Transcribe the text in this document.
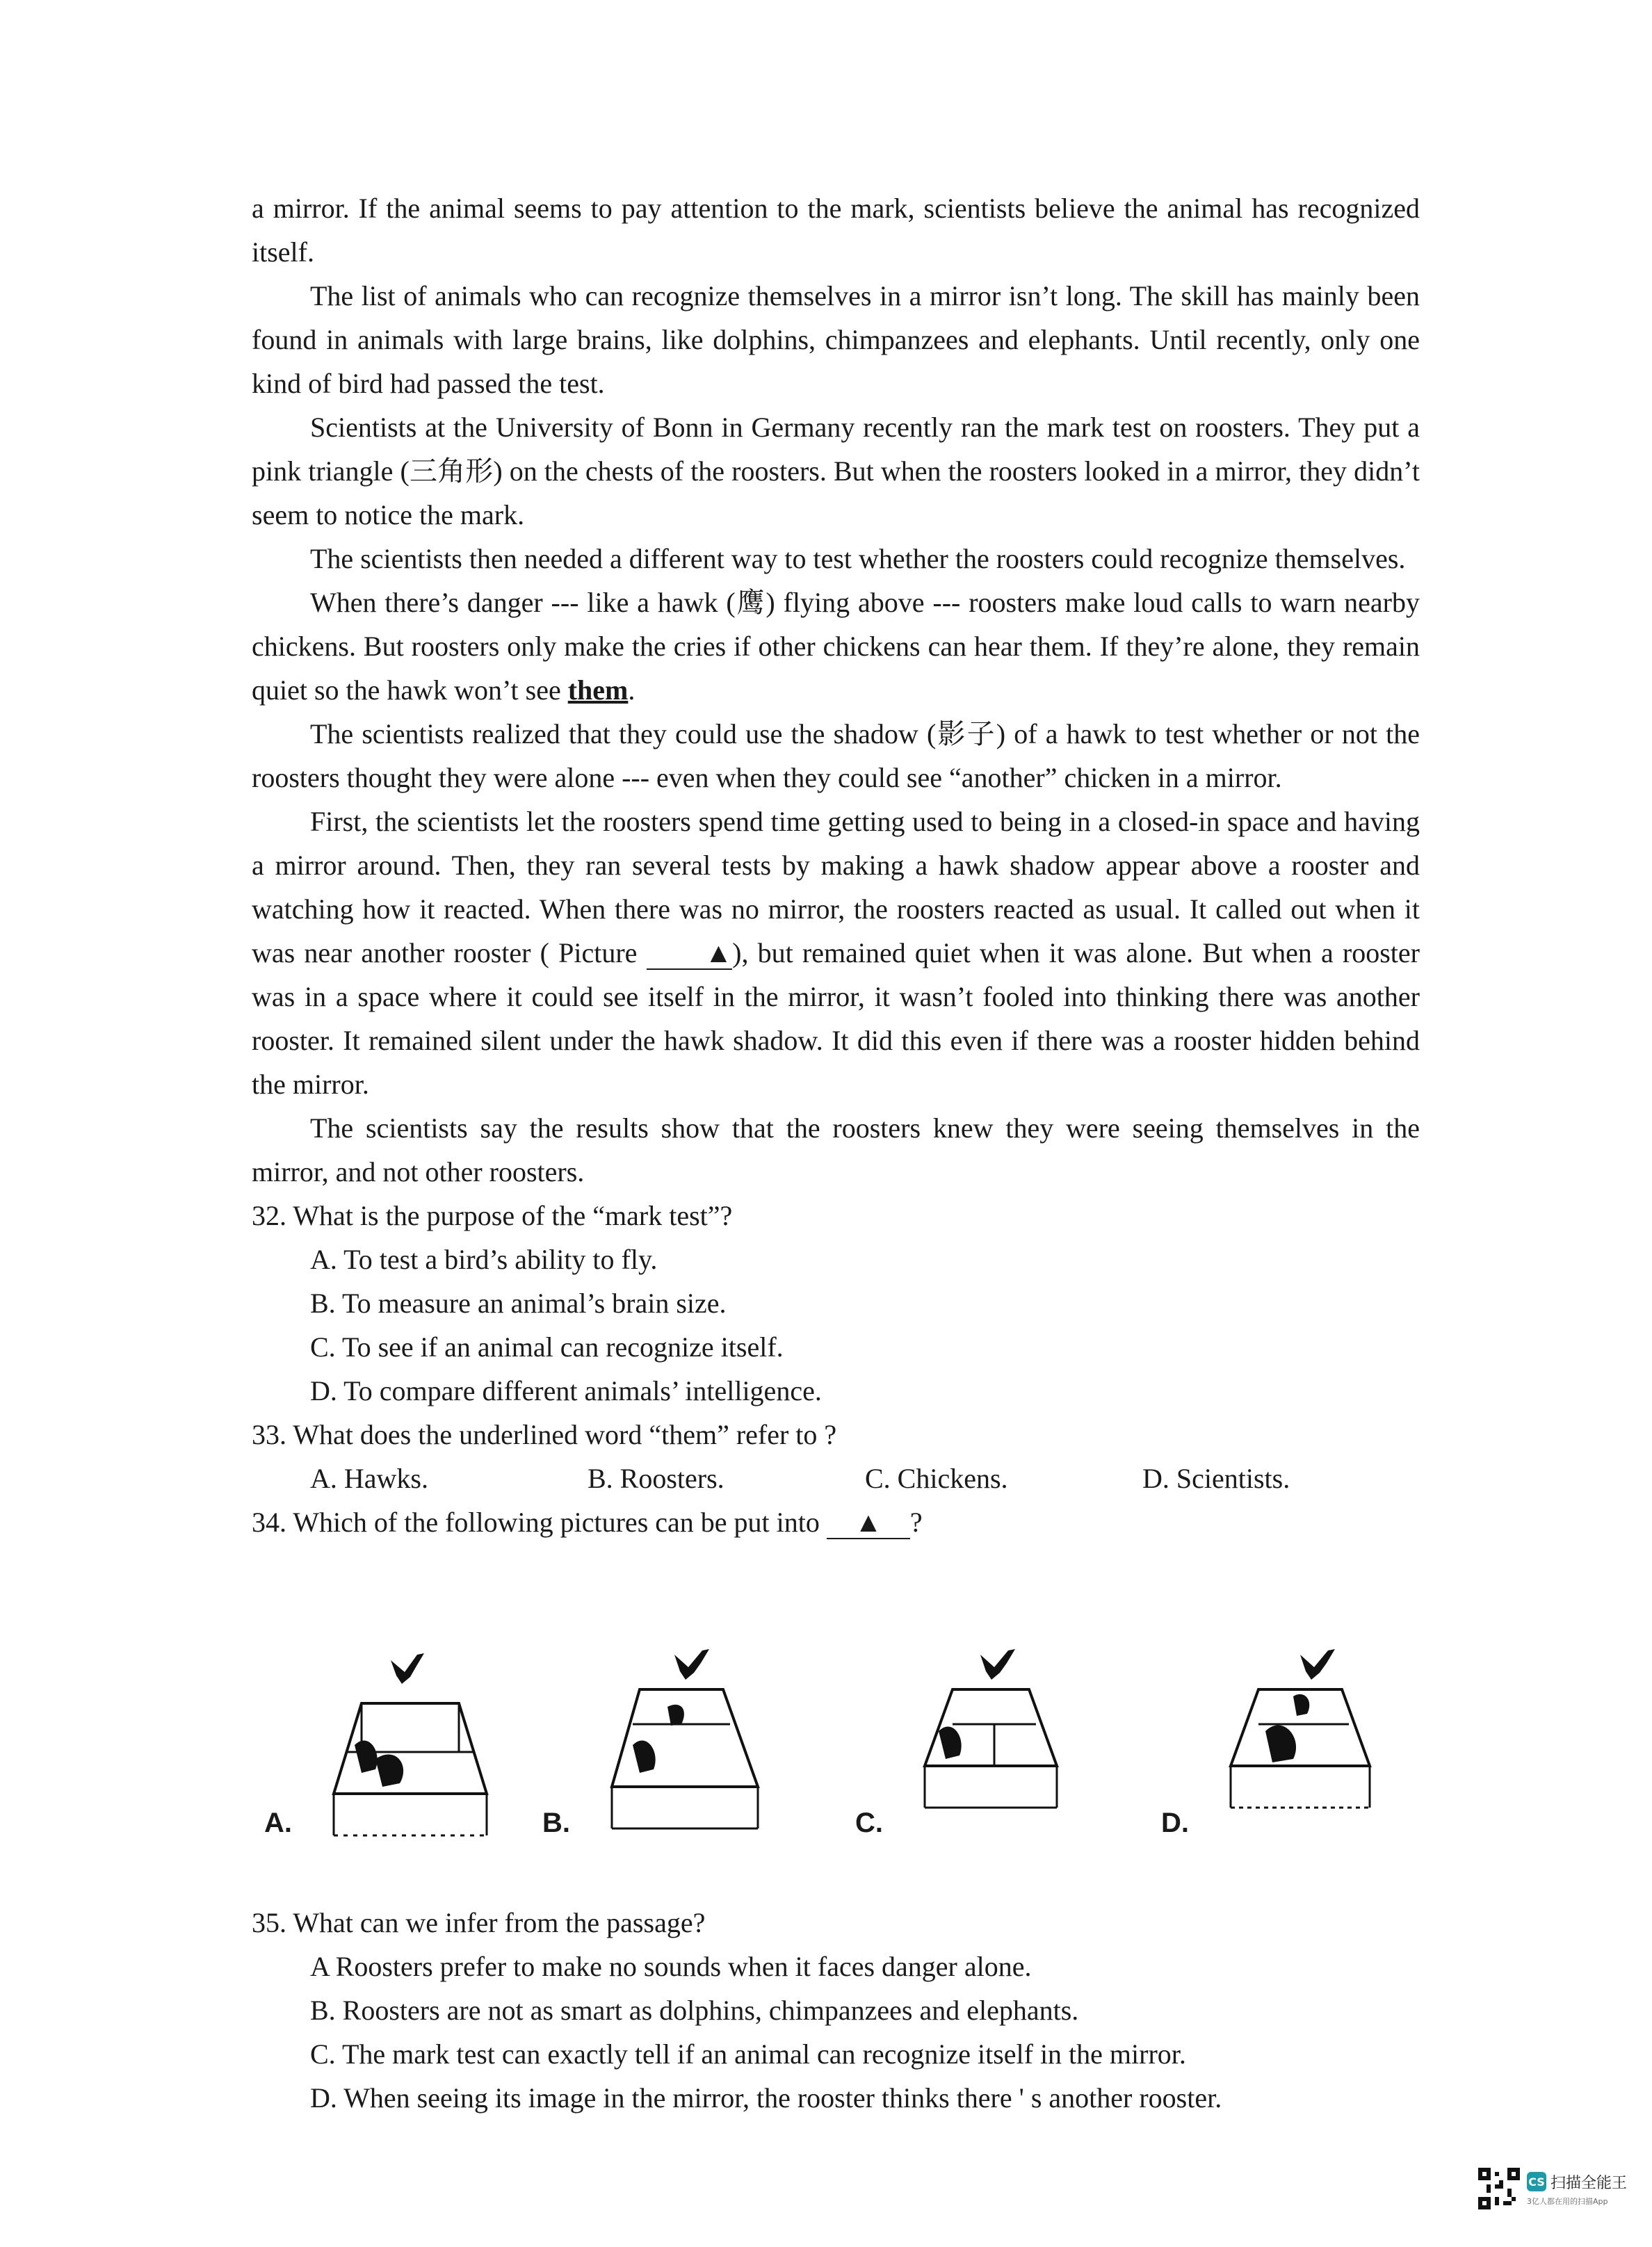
a mirror. If the animal seems to pay attention to the mark, scientists believe the animal has recognized itself.

The list of animals who can recognize themselves in a mirror isn’t long. The skill has mainly been found in animals with large brains, like dolphins, chimpanzees and elephants. Until recently, only one kind of bird had passed the test.

Scientists at the University of Bonn in Germany recently ran the mark test on roosters. They put a pink triangle (三角形) on the chests of the roosters. But when the roosters looked in a mirror, they didn’t seem to notice the mark.

The scientists then needed a different way to test whether the roosters could recognize themselves.

When there’s danger --- like a hawk (鹰) flying above --- roosters make loud calls to warn nearby chickens. But roosters only make the cries if other chickens can hear them. If they’re alone, they remain quiet so the hawk won’t see them.

The scientists realized that they could use the shadow (影子) of a hawk to test whether or not the roosters thought they were alone --- even when they could see “another” chicken in a mirror.

First, the scientists let the roosters spend time getting used to being in a closed-in space and having a mirror around. Then, they ran several tests by making a hawk shadow appear above a rooster and watching how it reacted. When there was no mirror, the roosters reacted as usual. It called out when it was near another rooster ( Picture ▲), but remained quiet when it was alone. But when a rooster was in a space where it could see itself in the mirror, it wasn’t fooled into thinking there was another rooster. It remained silent under the hawk shadow. It did this even if there was a rooster hidden behind the mirror.

The scientists say the results show that the roosters knew they were seeing themselves in the mirror, and not other roosters.

32. What is the purpose of the “mark test”?

A. To test a bird’s ability to fly.

B. To measure an animal’s brain size.

C. To see if an animal can recognize itself.

D. To compare different animals’ intelligence.

33. What does the underlined word “them” refer to ?

A. Hawks.	B. Roosters.	C. Chickens.	D. Scientists.

34. Which of the following pictures can be put into ▲ ?

A.	B.	C.	D.

35. What can we infer from the passage?

A Roosters prefer to make no sounds when it faces danger alone.

B. Roosters are not as smart as dolphins, chimpanzees and elephants.

C. The mark test can exactly tell if an animal can recognize itself in the mirror.

D. When seeing its image in the mirror, the rooster thinks there ' s another rooster.

CS 扫描全能王
3亿人都在用的扫描App
